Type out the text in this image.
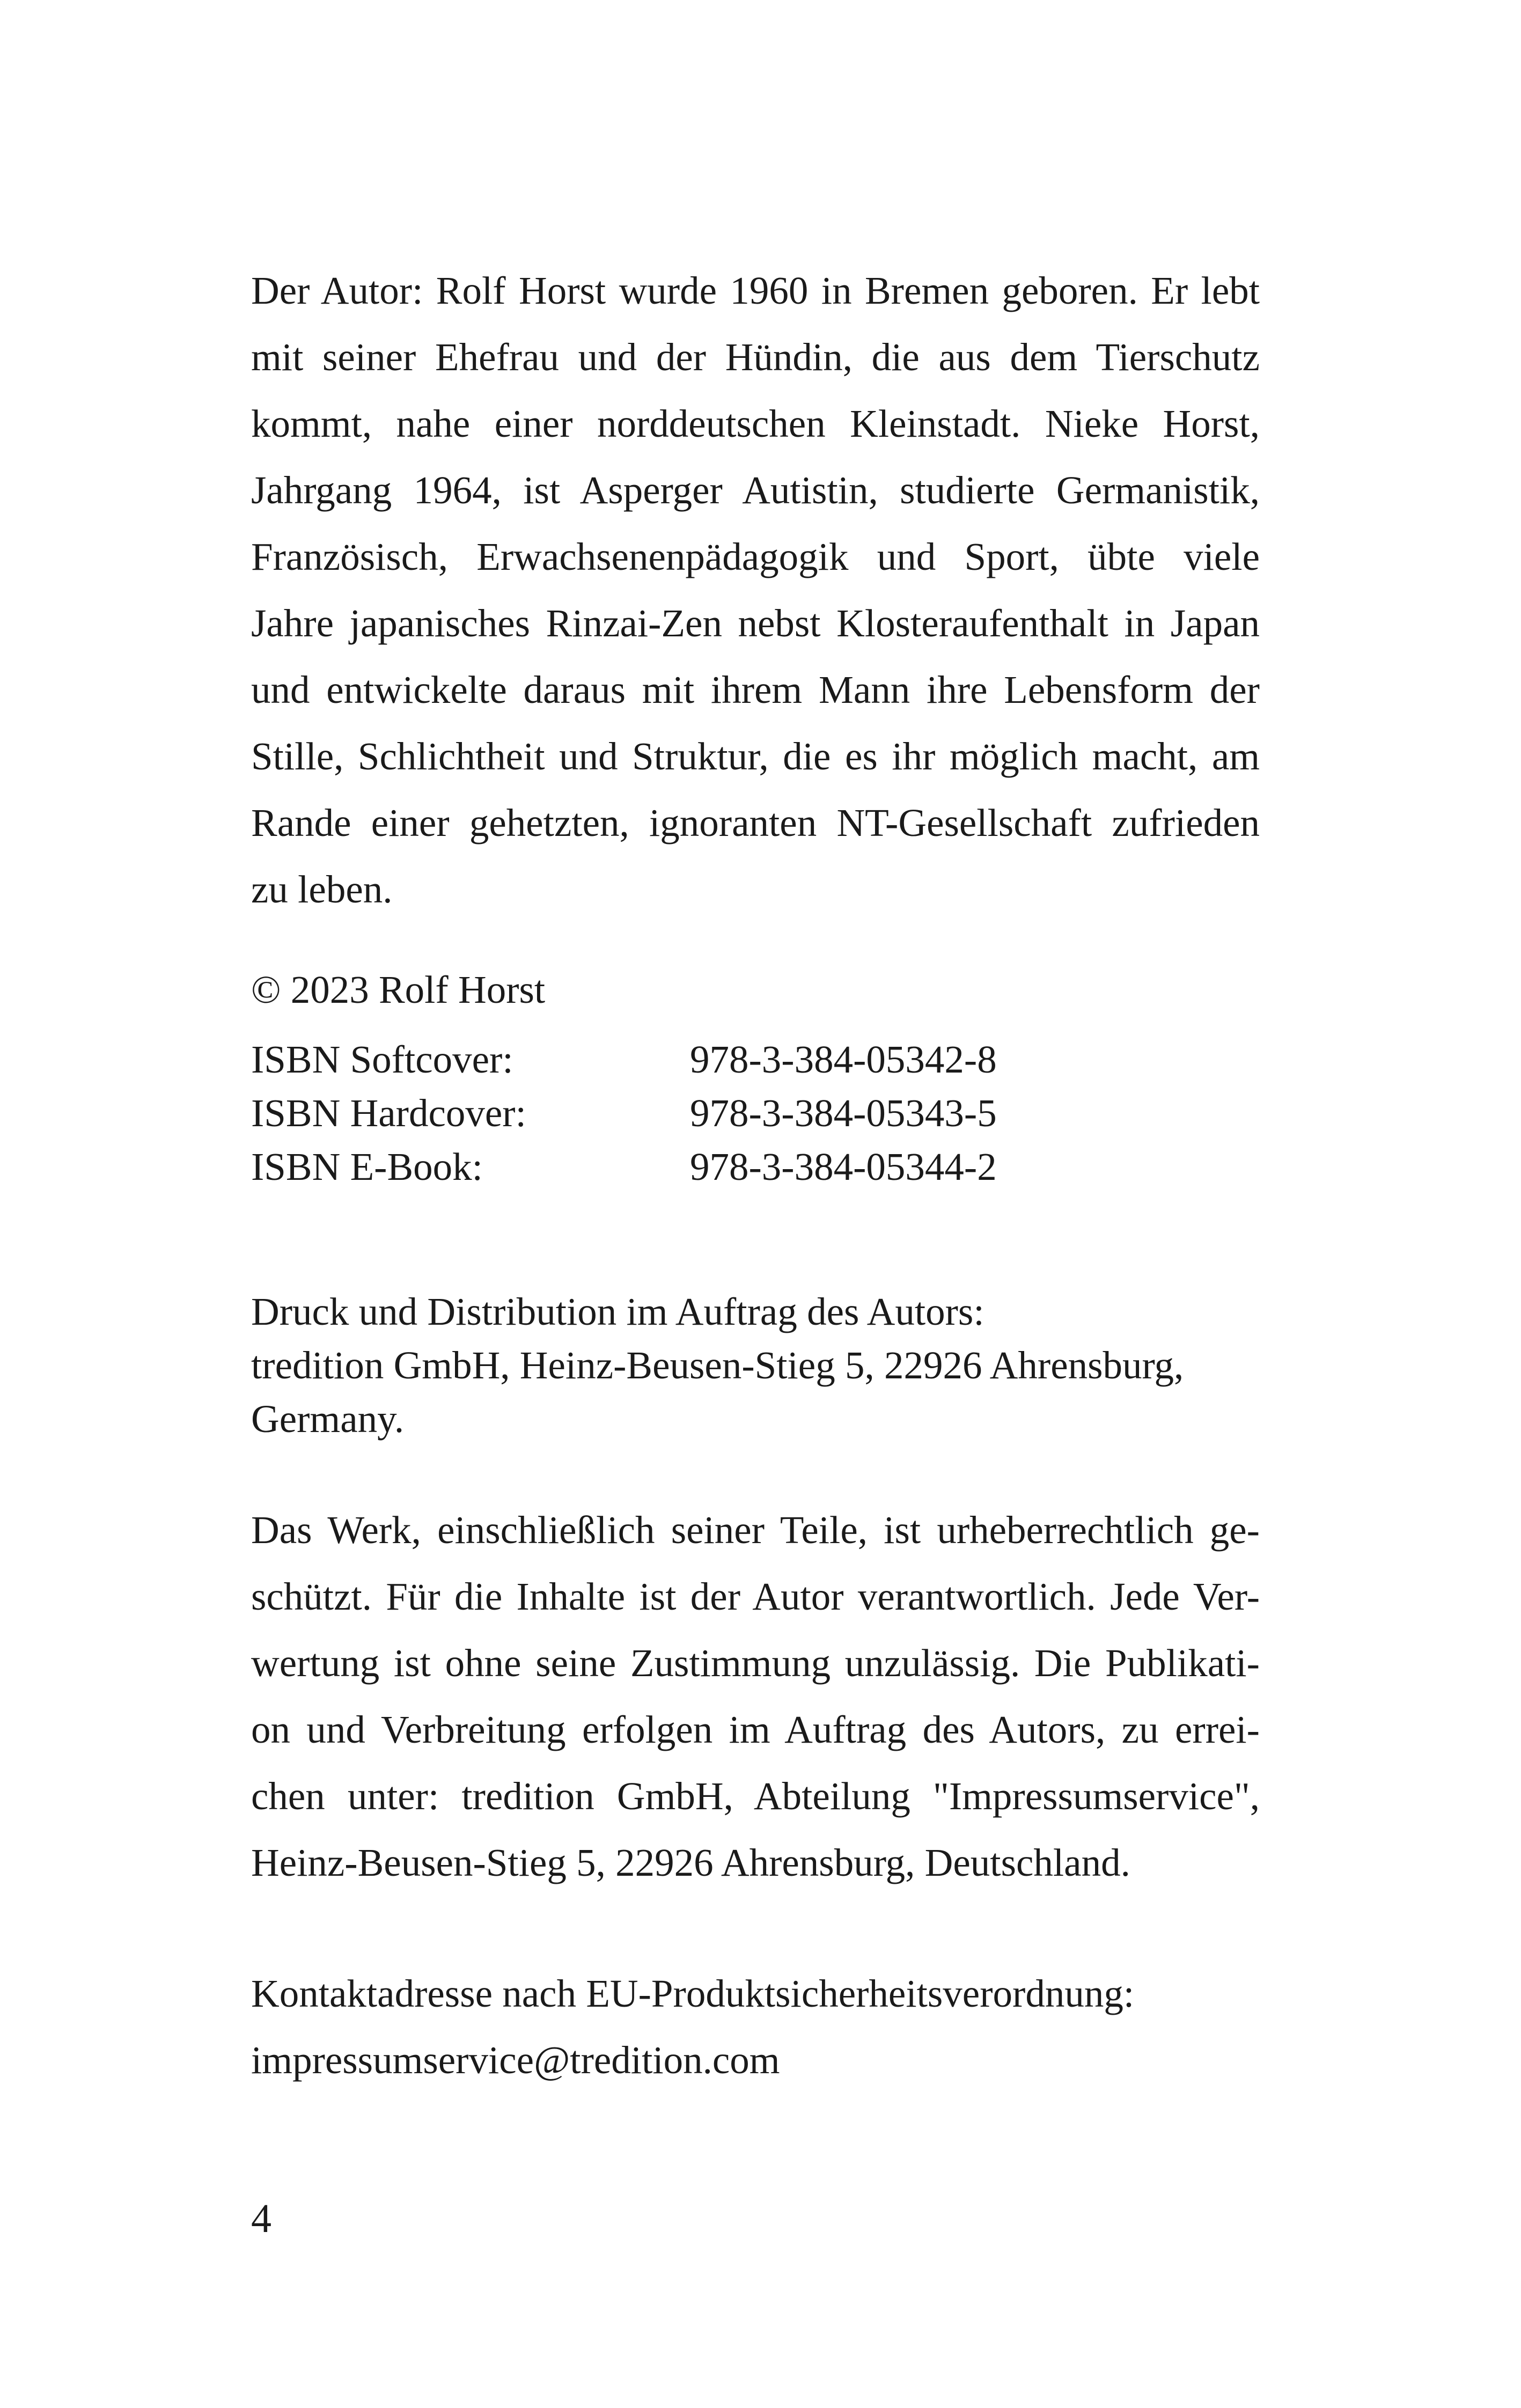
Der Autor: Rolf Horst wurde 1960 in Bremen geboren. Er lebt
mit seiner Ehefrau und der Hündin, die aus dem Tierschutz
kommt, nahe einer norddeutschen Kleinstadt. Nieke Horst,
Jahrgang 1964, ist Asperger Autistin, studierte Germanistik,
Französisch, Erwachsenenpädagogik und Sport, übte viele
Jahre japanisches Rinzai-Zen nebst Klosteraufenthalt in Japan
und entwickelte daraus mit ihrem Mann ihre Lebensform der
Stille, Schlichtheit und Struktur, die es ihr möglich macht, am
Rande einer gehetzten, ignoranten NT-Gesellschaft zufrieden
zu leben.
© 2023 Rolf Horst
ISBN Softcover:	978-3-384-05342-8
ISBN Hardcover:	978-3-384-05343-5
ISBN E-Book:	978-3-384-05344-2
Druck und Distribution im Auftrag des Autors:
tredition GmbH, Heinz-Beusen-Stieg 5, 22926 Ahrensburg,
Germany.
Das Werk, einschließlich seiner Teile, ist urheberrechtlich ge-
schützt. Für die Inhalte ist der Autor verantwortlich. Jede Ver-
wertung ist ohne seine Zustimmung unzulässig. Die Publikati-
on und Verbreitung erfolgen im Auftrag des Autors, zu errei-
chen unter: tredition GmbH, Abteilung "Impressumservice",
Heinz-Beusen-Stieg 5, 22926 Ahrensburg, Deutschland.
Kontaktadresse nach EU-Produktsicherheitsverordnung:
impressumservice@tredition.com
4
